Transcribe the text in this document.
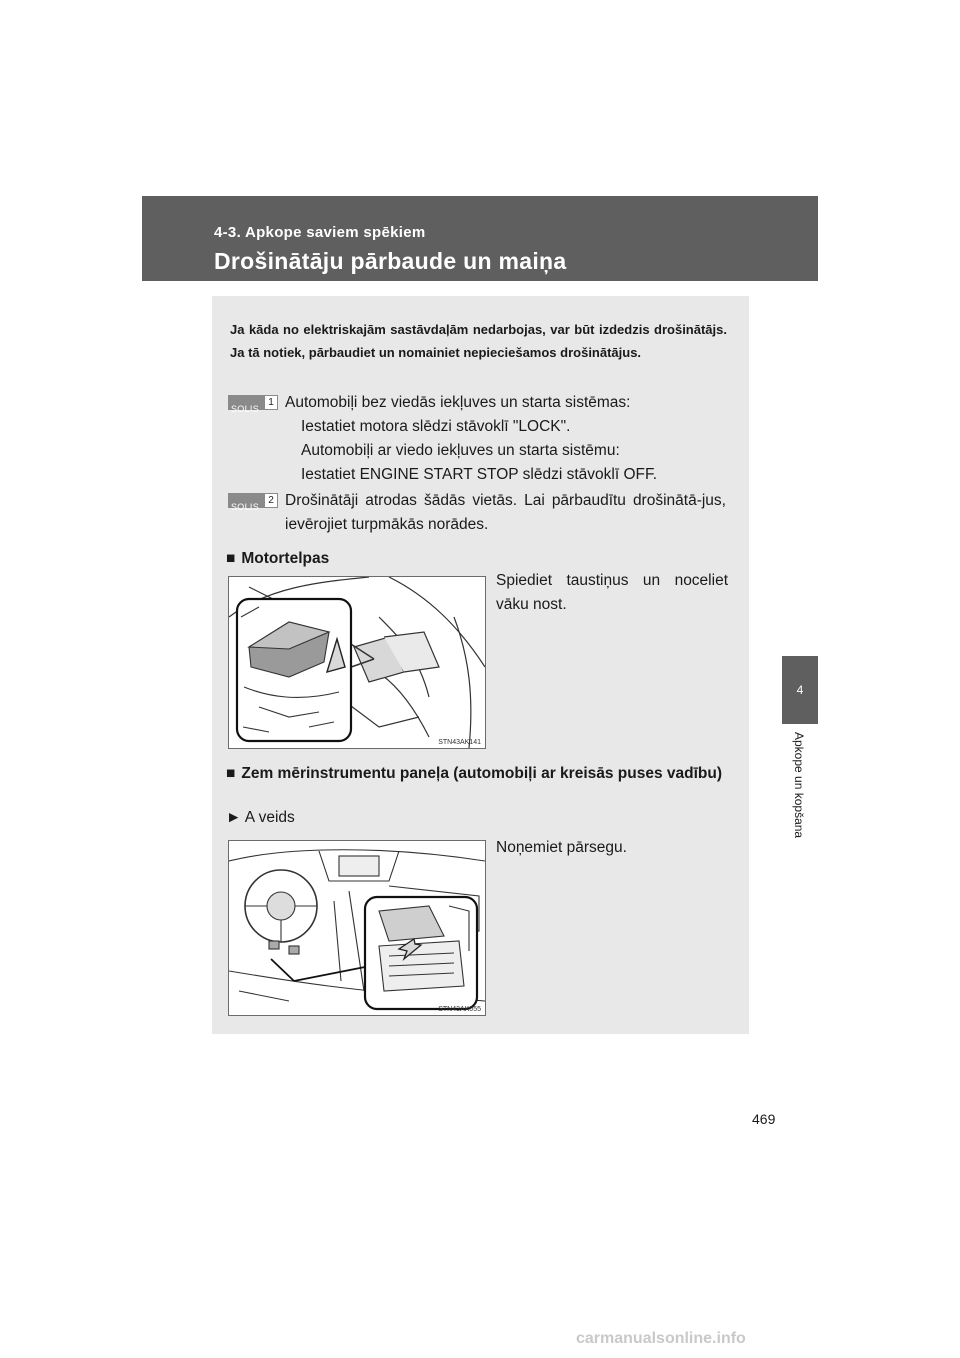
4-3. Apkope saviem spēkiem
Drošinātāju pārbaude un maiņa
4
Apkope un kopšana
Ja kāda no elektriskajām sastāvdaļām nedarbojas, var būt izdedzis drošinātājs. Ja tā notiek, pārbaudiet un nomainiet nepieciešamos drošinātājus.
SOLIS
1 Automobiļi bez viedās iekļuves un starta sistēmas:
Iestatiet motora slēdzi stāvoklī "LOCK".
Automobiļi ar viedo iekļuves un starta sistēmu:
Iestatiet ENGINE START STOP slēdzi stāvoklī OFF.
SOLIS
2 Drošinātāji atrodas šādās vietās. Lai pārbaudītu drošinātā-jus, ievērojiet turpmākās norādes.
■ Motortelpas
STN43AK141
Spiediet taustiņus un noceliet vāku nost.
■ Zem mērinstrumentu paneļa (automobiļi ar kreisās puses vadību)
► A veids
STN43AK055
Noņemiet pārsegu.
469
carmanualsonline.info
